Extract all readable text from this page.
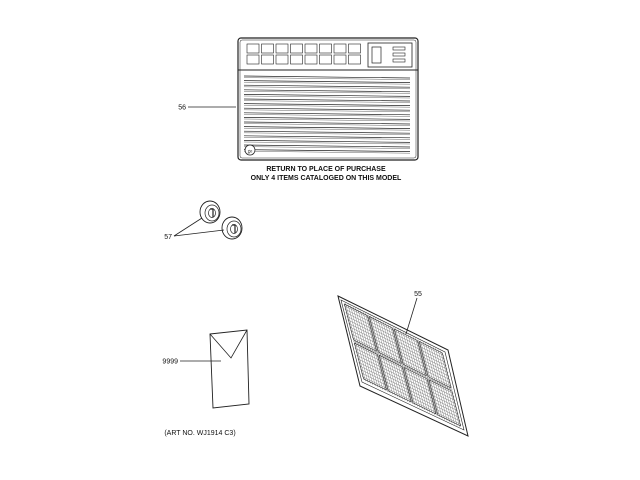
ge
56
RETURN TO PLACE OF PURCHASE
ONLY 4 ITEMS CATALOGED ON THIS MODEL
57
9999
(ART NO. WJ1914 C3)
55
